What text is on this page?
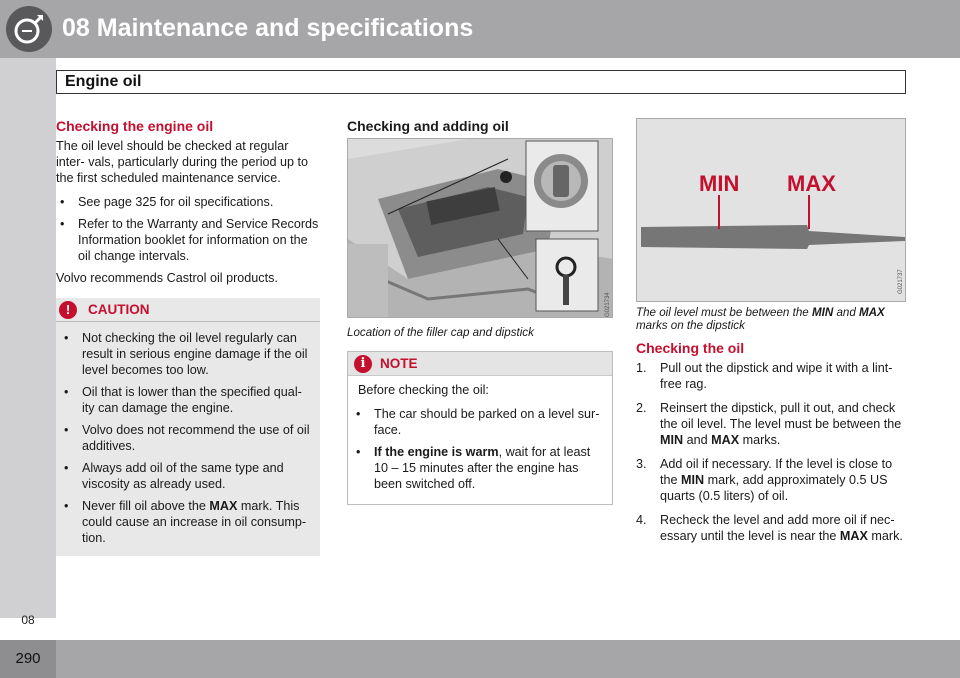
08 Maintenance and specifications
Engine oil
08
Checking the engine oil

The oil level should be checked at regular inter- vals, particularly during the period up to the first scheduled maintenance service.

• See page 325 for oil specifications.
• Refer to the Warranty and Service Records Information booklet for information on the oil change intervals.

Volvo recommends Castrol oil products.

!	CAUTION
• Not checking the oil level regularly can result in serious engine damage if the oil level becomes too low.
• Oil that is lower than the specified qual- ity can damage the engine.
• Volvo does not recommend the use of oil additives.
• Always add oil of the same type and viscosity as already used.
• Never fill oil above the MAX mark. This could cause an increase in oil consump- tion.
Checking and adding oil
G021734

Location of the filler cap and dipstick

i	NOTE

Before checking the oil:

• The car should be parked on a level sur- face.
• If the engine is warm, wait for at least 10 – 15 minutes after the engine has been switched off.
MIN MAX
G021737

The oil level must be between the MIN and MAX marks on the dipstick

Checking the oil
1. Pull out the dipstick and wipe it with a lint- free rag.
2. Reinsert the dipstick, pull it out, and check the oil level. The level must be between the MIN and MAX marks.
3. Add oil if necessary. If the level is close to the MIN mark, add approximately 0.5 US quarts (0.5 liters) of oil.
4. Recheck the level and add more oil if nec- essary until the level is near the MAX mark.
290
